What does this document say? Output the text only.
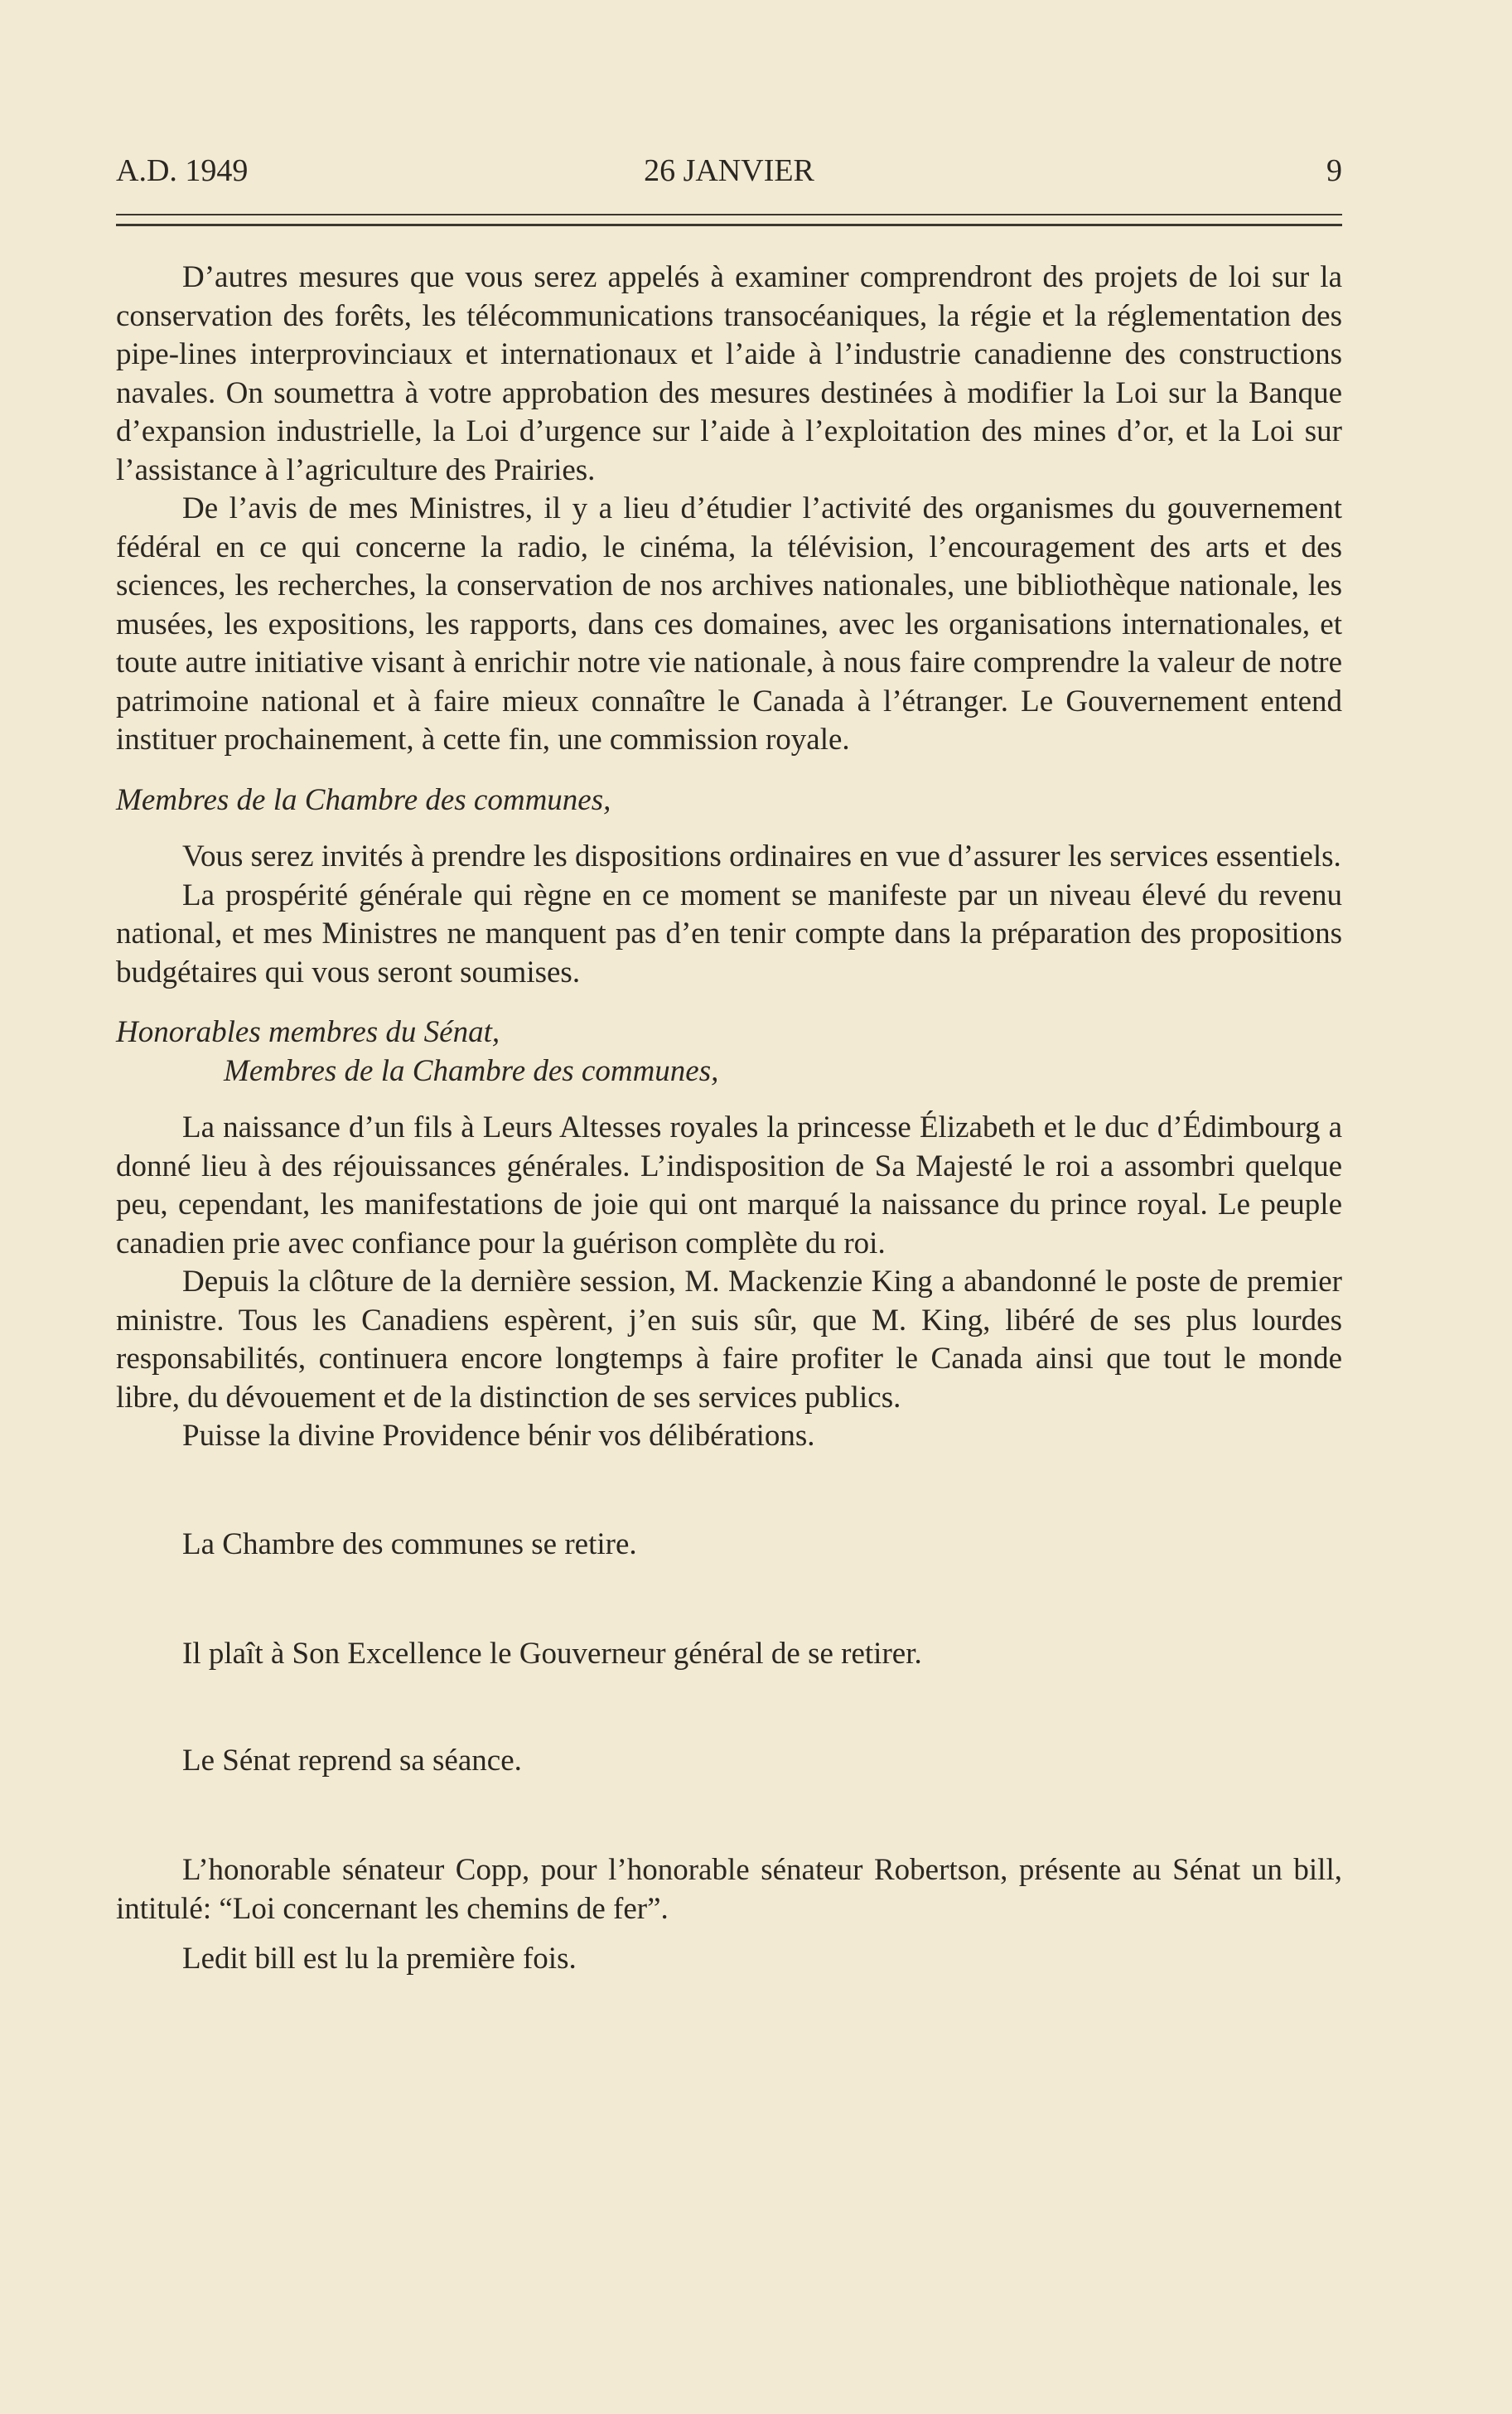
A.D. 1949	26 JANVIER	9

D’autres mesures que vous serez appelés à examiner comprendront des projets de loi sur la conservation des forêts, les télécommunications transocéaniques, la régie et la réglementation des pipe-lines interprovinciaux et internationaux et l’aide à l’industrie canadienne des constructions navales. On soumettra à votre approbation des mesures destinées à modifier la Loi sur la Banque d’expansion industrielle, la Loi d’urgence sur l’aide à l’exploitation des mines d’or, et la Loi sur l’assistance à l’agriculture des Prairies.

De l’avis de mes Ministres, il y a lieu d’étudier l’activité des organismes du gouvernement fédéral en ce qui concerne la radio, le cinéma, la télévision, l’encouragement des arts et des sciences, les recherches, la conservation de nos archives nationales, une bibliothèque nationale, les musées, les expositions, les rapports, dans ces domaines, avec les organisations internationales, et toute autre initiative visant à enrichir notre vie nationale, à nous faire comprendre la valeur de notre patrimoine national et à faire mieux connaître le Canada à l’étranger. Le Gouvernement entend instituer prochainement, à cette fin, une commission royale.

Membres de la Chambre des communes,

Vous serez invités à prendre les dispositions ordinaires en vue d’assurer les services essentiels.

La prospérité générale qui règne en ce moment se manifeste par un niveau élevé du revenu national, et mes Ministres ne manquent pas d’en tenir compte dans la préparation des propositions budgétaires qui vous seront soumises.

Honorables membres du Sénat,

Membres de la Chambre des communes,

La naissance d’un fils à Leurs Altesses royales la princesse Élizabeth et le duc d’Édimbourg a donné lieu à des réjouissances générales. L’indisposition de Sa Majesté le roi a assombri quelque peu, cependant, les manifestations de joie qui ont marqué la naissance du prince royal. Le peuple canadien prie avec confiance pour la guérison complète du roi.

Depuis la clôture de la dernière session, M. Mackenzie King a abandonné le poste de premier ministre. Tous les Canadiens espèrent, j’en suis sûr, que M. King, libéré de ses plus lourdes responsabilités, continuera encore longtemps à faire profiter le Canada ainsi que tout le monde libre, du dévouement et de la distinction de ses services publics.

Puisse la divine Providence bénir vos délibérations.

La Chambre des communes se retire.

Il plaît à Son Excellence le Gouverneur général de se retirer.

Le Sénat reprend sa séance.

L’honorable sénateur Copp, pour l’honorable sénateur Robertson, présente au Sénat un bill, intitulé: “Loi concernant les chemins de fer”.

Ledit bill est lu la première fois.
